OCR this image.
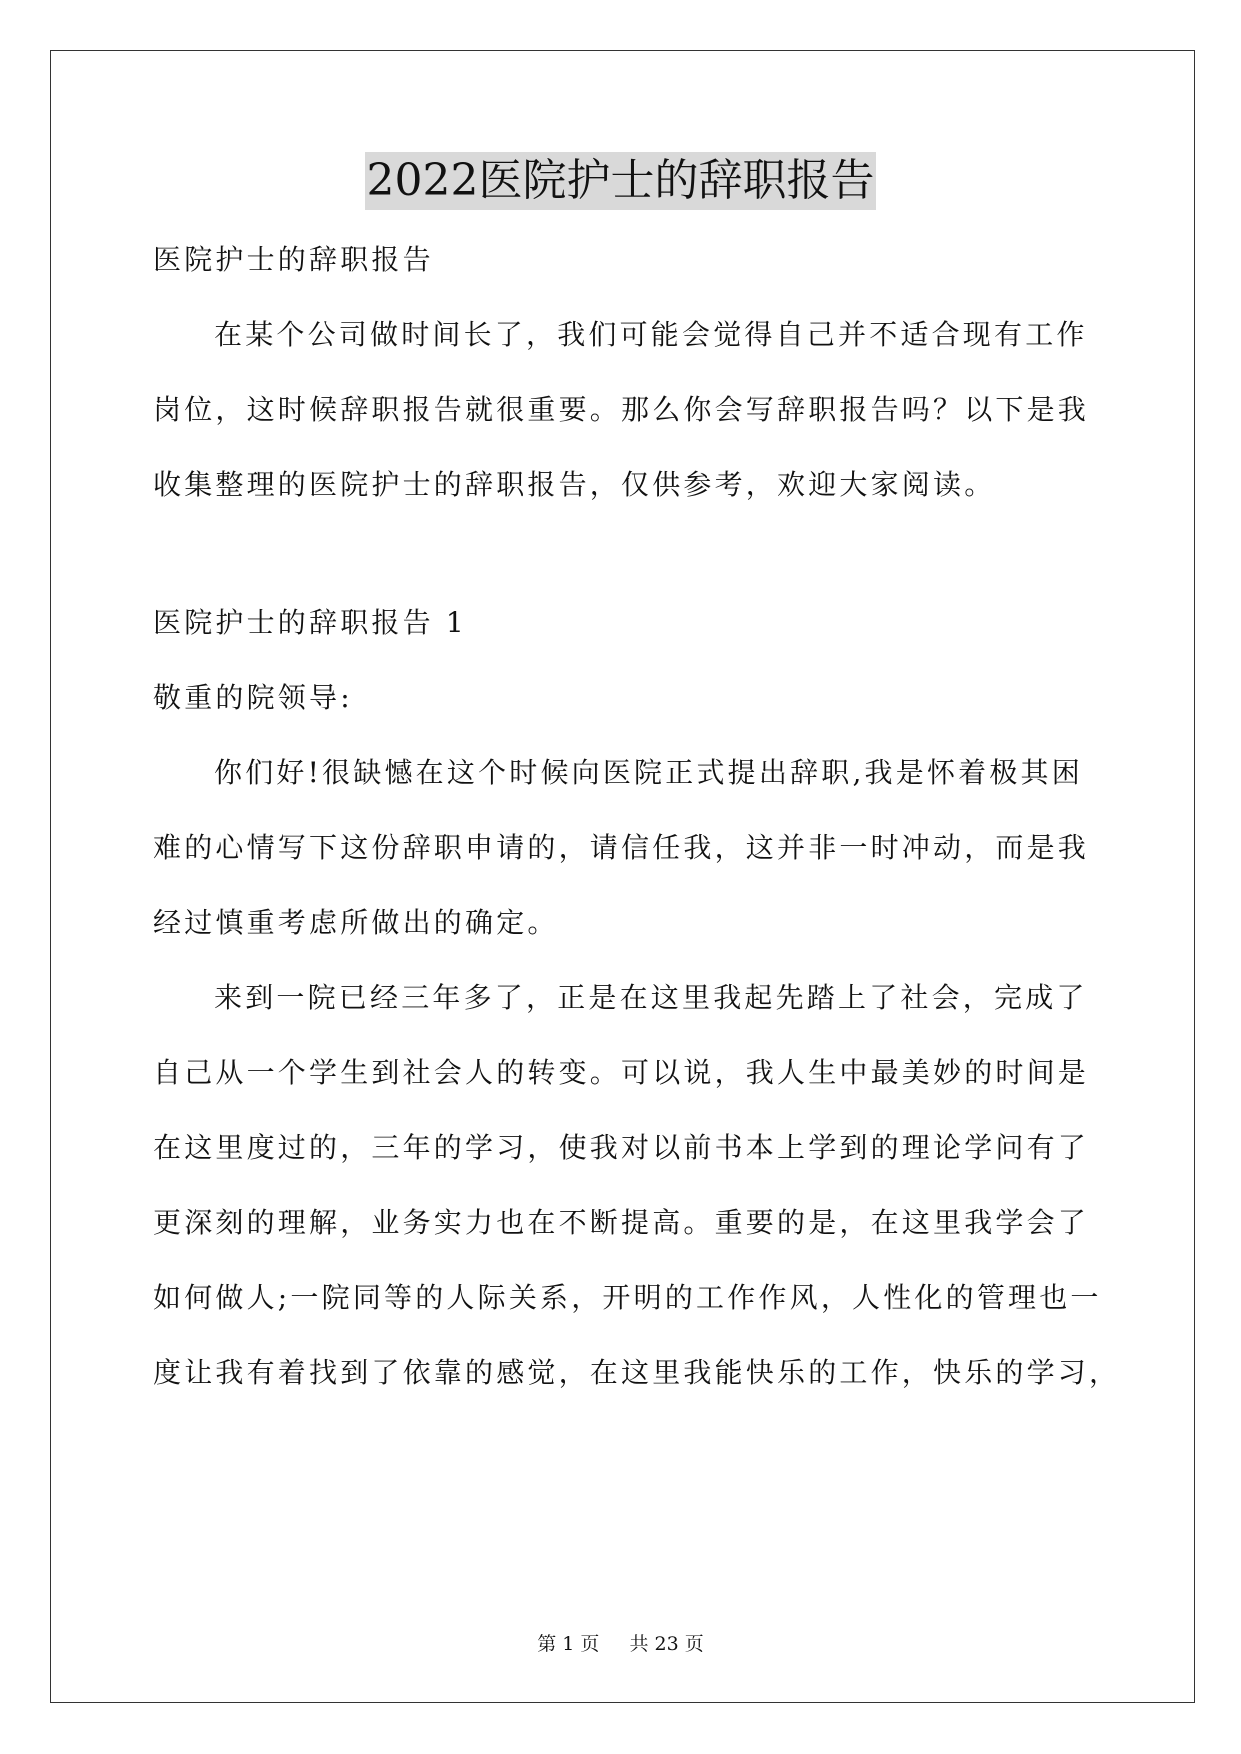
2022医院护士的辞职报告
医院护士的辞职报告
在某个公司做时间长了，我们可能会觉得自己并不适合现有工作
岗位，这时候辞职报告就很重要。那么你会写辞职报告吗？以下是我
收集整理的医院护士的辞职报告，仅供参考，欢迎大家阅读。
医院护士的辞职报告 1
敬重的院领导:
你们好!很缺憾在这个时候向医院正式提出辞职,我是怀着极其困
难的心情写下这份辞职申请的，请信任我，这并非一时冲动，而是我
经过慎重考虑所做出的确定。
来到一院已经三年多了，正是在这里我起先踏上了社会，完成了
自己从一个学生到社会人的转变。可以说，我人生中最美妙的时间是
在这里度过的，三年的学习，使我对以前书本上学到的理论学问有了
更深刻的理解，业务实力也在不断提高。重要的是，在这里我学会了
如何做人;一院同等的人际关系，开明的工作作风，人性化的管理也一
度让我有着找到了依靠的感觉，在这里我能快乐的工作，快乐的学习，
第 1 页 共 23 页
